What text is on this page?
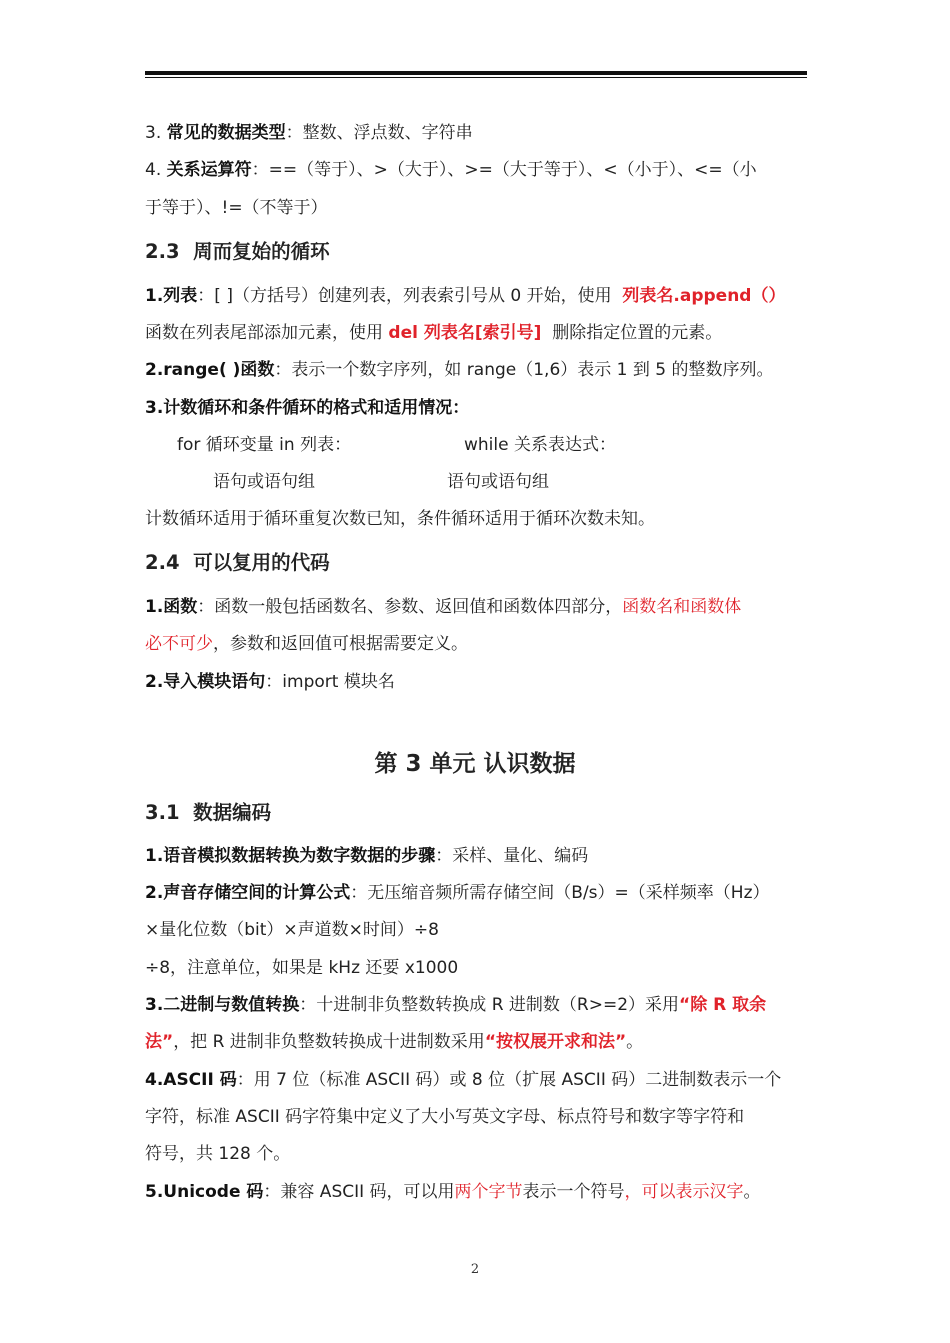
3. 常见的数据类型：整数、浮点数、字符串
4. 关系运算符：==（等于）、>（大于）、>=（大于等于）、<（小于）、<=（小
于等于）、!=（不等于）
2.3 周而复始的循环
1.列表：[ ]（方括号）创建列表，列表索引号从 0 开始，使用 列表名.append（）
函数在列表尾部添加元素，使用 del 列表名[索引号] 删除指定位置的元素。
2.range( )函数：表示一个数字序列，如 range（1,6）表示 1 到 5 的整数序列。
3.计数循环和条件循环的格式和适用情况：
for 循环变量 in 列表：	while 关系表达式：
语句或语句组	语句或语句组
计数循环适用于循环重复次数已知，条件循环适用于循环次数未知。
2.4 可以复用的代码
1.函数：函数一般包括函数名、参数、返回值和函数体四部分，函数名和函数体
必不可少，参数和返回值可根据需要定义。
2.导入模块语句：import 模块名
第 3 单元 认识数据
3.1 数据编码
1.语音模拟数据转换为数字数据的步骤：采样、量化、编码
2.声音存储空间的计算公式：无压缩音频所需存储空间（B/s）=（采样频率（Hz）
×量化位数（bit）×声道数×时间）÷8
÷8，注意单位，如果是 kHz 还要 x1000
3.二进制与数值转换：十进制非负整数转换成 R 进制数（R>=2）采用“除 R 取余
法”，把 R 进制非负整数转换成十进制数采用“按权展开求和法”。
4.ASCII 码：用 7 位（标准 ASCII 码）或 8 位（扩展 ASCII 码）二进制数表示一个
字符，标准 ASCII 码字符集中定义了大小写英文字母、标点符号和数字等字符和
符号，共 128 个。
5.Unicode 码：兼容 ASCII 码，可以用两个字节表示一个符号，可以表示汉字。
2
